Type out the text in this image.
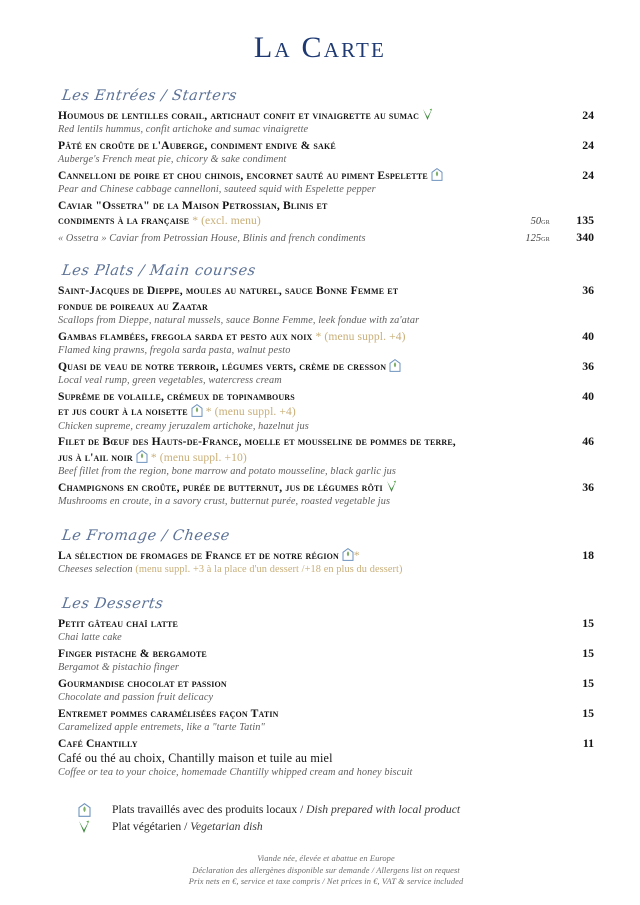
La Carte
Les Entrées / Starters
Houmous de lentilles corail, artichaut confit et vinaigrette au sumac	24
Red lentils hummus, confit artichoke and sumac vinaigrette
Pâté en croûte de l'Auberge, condiment endive & saké	24
Auberge's French meat pie, chicory & sake condiment
Cannelloni de poire et chou chinois, encornet sauté au piment Espelette	24
Pear and Chinese cabbage cannelloni, sauteed squid with Espelette pepper
Caviar "Ossetra" de la Maison Petrossian, Blinis et
condiments à la française * (excl. menu)	50gr	135
« Ossetra » Caviar from Petrossian House, Blinis and french condiments	125gr	340
Les Plats / Main courses
Saint-Jacques de Dieppe, moules au naturel, sauce Bonne Femme et	36
fondue de poireaux au Zaatar
Scallops from Dieppe, natural mussels, sauce Bonne Femme, leek fondue with za'atar
Gambas flambées, fregola sarda et pesto aux noix * (menu suppl. +4)	40
Flamed king prawns, fregola sarda pasta, walnut pesto
Quasi de veau de notre terroir, légumes verts, crème de cresson	36
Local veal rump, green vegetables, watercress cream
Suprême de volaille, crémeux de topinambours	40
et jus court à la noisette * (menu suppl. +4)
Chicken supreme, creamy jeruzalem artichoke, hazelnut jus
Filet de Bœuf des Hauts-de-France, moelle et mousseline de pommes de terre,	46
jus à l'ail noir * (menu suppl. +10)
Beef fillet from the region, bone marrow and potato mousseline, black garlic jus
Champignons en croûte, purée de butternut, jus de légumes rôti	36
Mushrooms en croute, in a savory crust, butternut purée, roasted vegetable jus
Le Fromage / Cheese
La sélection de fromages de France et de notre région *	18
Cheeses selection (menu suppl. +3 à la place d'un dessert /+18 en plus du dessert)
Les Desserts
Petit gâteau chaï latte	15
Chai latte cake
Finger pistache & bergamote	15
Bergamot & pistachio finger
Gourmandise chocolat et passion	15
Chocolate and passion fruit delicacy
Entremet pommes caramélisées façon Tatin	15
Caramelized apple entremets, like a "tarte Tatin"
Café Chantilly	11
Café ou thé au choix, Chantilly maison et tuile au miel
Coffee or tea to your choice, homemade Chantilly whipped cream and honey biscuit
Plats travaillés avec des produits locaux / Dish prepared with local product
Plat végétarien / Vegetarian dish
Viande née, élevée et abattue en Europe
Déclaration des allergènes disponible sur demande / Allergens list on request
Prix nets en €, service et taxe compris / Net prices in €, VAT & service included
